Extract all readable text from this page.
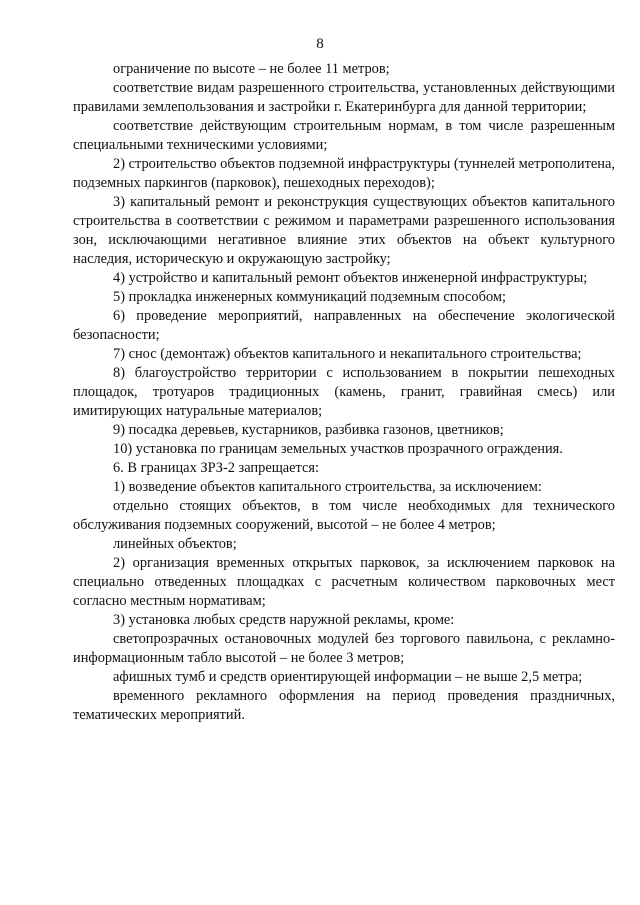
8

ограничение по высоте – не более 11 метров;

соответствие видам разрешенного строительства, установленных действующими правилами землепользования и застройки г. Екатеринбурга для данной территории;

соответствие действующим строительным нормам, в том числе разрешенным специальными техническими условиями;

2) строительство объектов подземной инфраструктуры (туннелей метрополитена, подземных паркингов (парковок), пешеходных переходов);

3) капитальный ремонт и реконструкция существующих объектов капитального строительства в соответствии с режимом и параметрами разрешенного использования зон, исключающими негативное влияние этих объектов на объект культурного наследия, историческую и окружающую застройку;

4) устройство и капитальный ремонт объектов инженерной инфраструктуры;

5) прокладка инженерных коммуникаций подземным способом;

6) проведение мероприятий, направленных на обеспечение экологической безопасности;

7) снос (демонтаж) объектов капитального и некапитального строительства;

8) благоустройство территории с использованием в покрытии пешеходных площадок, тротуаров традиционных (камень, гранит, гравийная смесь) или имитирующих натуральные материалов;

9) посадка деревьев, кустарников, разбивка газонов, цветников;

10) установка по границам земельных участков прозрачного ограждения.

6. В границах ЗРЗ-2 запрещается:

1) возведение объектов капитального строительства, за исключением:

отдельно стоящих объектов, в том числе необходимых для технического обслуживания подземных сооружений, высотой – не более 4 метров;

линейных объектов;

2) организация временных открытых парковок, за исключением парковок на специально отведенных площадках с расчетным количеством парковочных мест согласно местным нормативам;

3) установка любых средств наружной рекламы, кроме:

светопрозрачных остановочных модулей без торгового павильона, с рекламно-информационным табло высотой – не более 3 метров;

афишных тумб и средств ориентирующей информации – не выше 2,5 метра;

временного рекламного оформления на период проведения праздничных, тематических мероприятий.
